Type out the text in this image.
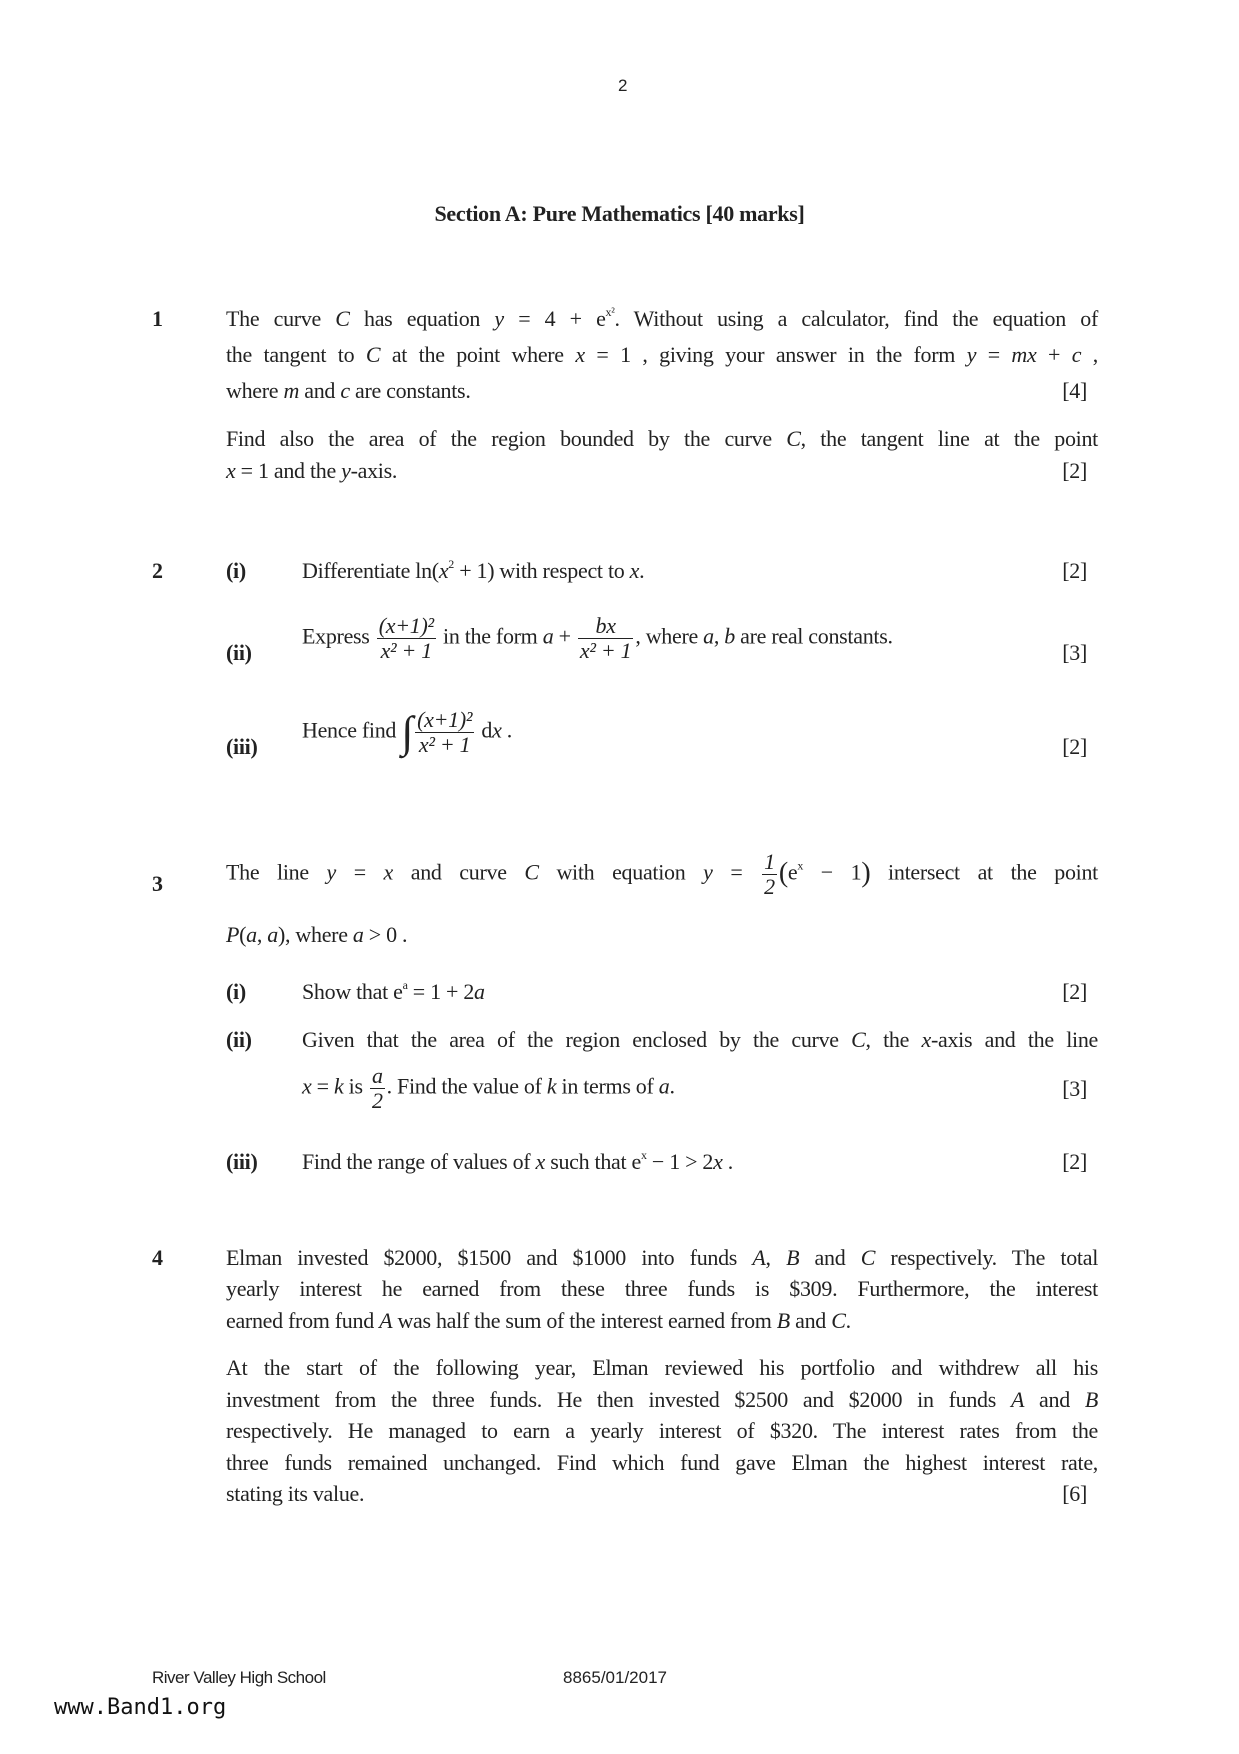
2
Section A: Pure Mathematics [40 marks]
1	The curve C has equation $y = 4 + e^{x^2}$. Without using a calculator, find the equation of
the tangent to C at the point where x = 1 , giving your answer in the form y = mx + c ,
where m and c are constants.	[4]
Find also the area of the region bounded by the curve C, the tangent line at the point
x = 1 and the y-axis.	[2]
2	(i)	Differentiate $\ln(x^2 + 1)$ with respect to x.	[2]
(ii)
Express $\frac{\text{(x+1)²}}{\text{x² + 1}}$ in the form $a + \frac{bx}{\text{x² + 1}}$ , where a, b are real constants.
[3]
(iii)
Hence find ∫ $\frac{\text{(x+1)²}}{\text{x² + 1}}$ dx .
[2]
3	The line y = x and curve C with equation $y = \frac{1}{2} (e^x - 1)$ intersect at the point
P(a, a), where a > 0 .
(i)	Show that $e^a = 1 + 2a$	[2]
(ii) Given that the area of the region enclosed by the curve C, the x-axis and the line
x = k is $\frac{a}{2}$ . Find the value of k in terms of a.	[3]
(iii) Find the range of values of x such that $e^x - 1 > 2x$ .	[2]
4	Elman invested $2000, $1500 and $1000 into funds A, B and C respectively. The total
yearly interest he earned from these three funds is $309. Furthermore, the interest
earned from fund A was half the sum of the interest earned from B and C.
At the start of the following year, Elman reviewed his portfolio and withdrew all his
investment from the three funds. He then invested $2500 and $2000 in funds A and B
respectively. He managed to earn a yearly interest of $320. The interest rates from the
three funds remained unchanged. Find which fund gave Elman the highest interest rate,
stating its value.	[6]
River Valley High School	8865/01/2017
www.Band1.org
